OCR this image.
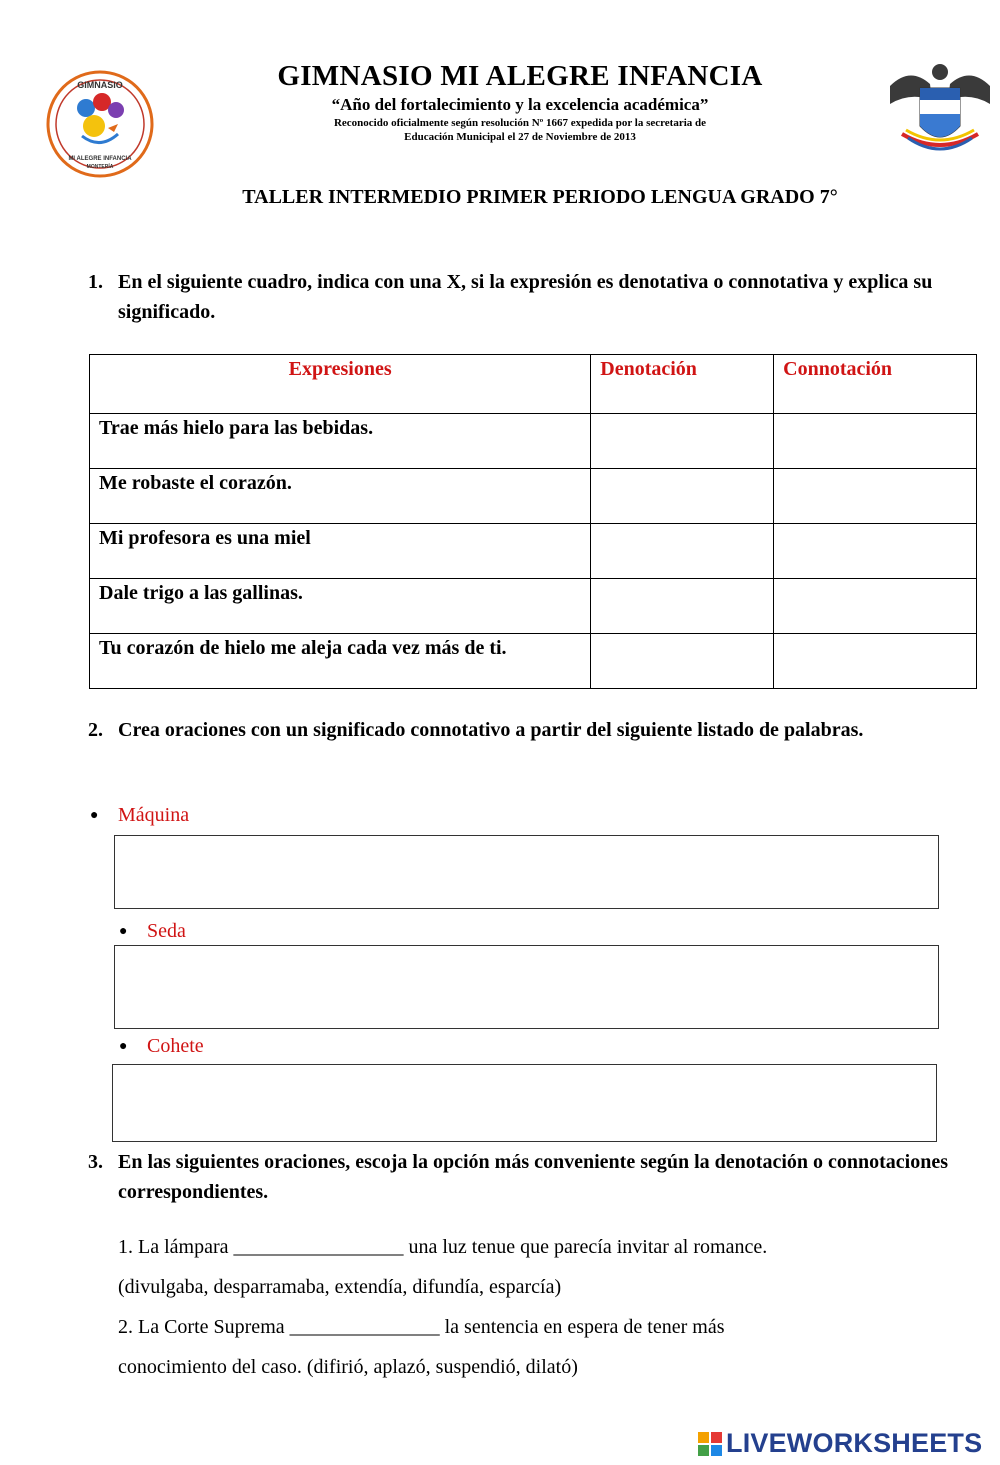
GIMNASIO
MI ALEGRE INFANCIA
MONTERÍA
GIMNASIO MI ALEGRE INFANCIA
“Año del fortalecimiento y la excelencia académica”
Reconocido oficialmente según resolución Nº 1667 expedida por la secretaria de
Educación Municipal el 27 de Noviembre de 2013
TALLER INTERMEDIO PRIMER PERIODO LENGUA GRADO 7°
1. En el siguiente cuadro, indica con una X, si la expresión es denotativa o connotativa y explica su significado.
Expresiones	Denotación	Connotación
Trae más hielo para las bebidas.		
Me robaste el corazón.		
Mi profesora es una miel		
Dale trigo a las gallinas.		
Tu corazón de hielo me aleja cada vez más de ti.		
2. Crea oraciones con un significado connotativo a partir del siguiente listado de palabras.
● Máquina
● Seda
● Cohete
3. En las siguientes oraciones, escoja la opción más conveniente según la denotación o connotaciones correspondientes.
1. La lámpara _________________ una luz tenue que parecía invitar al romance.
(divulgaba, desparramaba, extendía, difundía, esparcía)
2. La Corte Suprema _______________ la sentencia en espera de tener más
conocimiento del caso. (difirió, aplazó, suspendió, dilató)
LIVEWORKSHEETS
